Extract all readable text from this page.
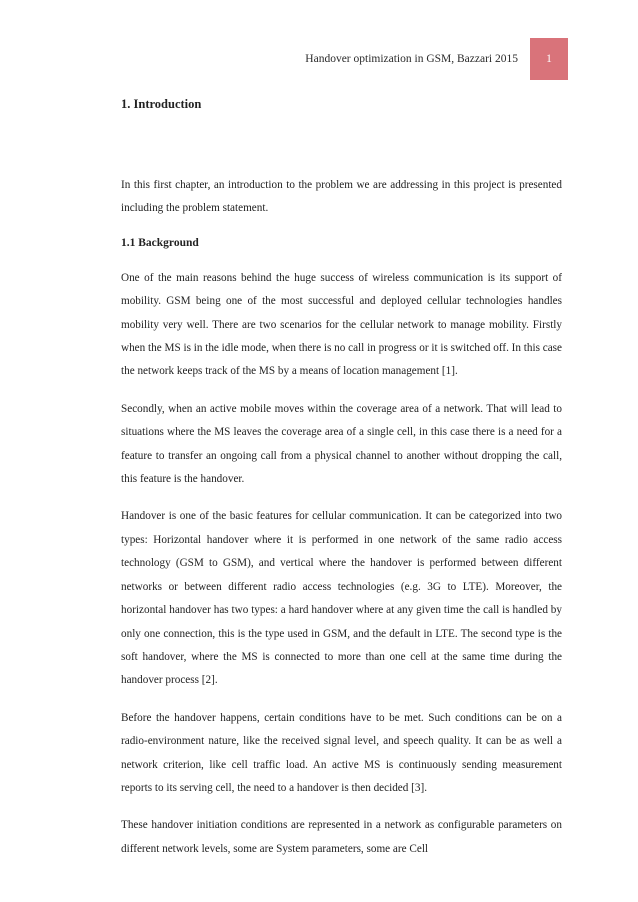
Handover optimization in GSM, Bazzari 2015	1
1. Introduction

In this first chapter, an introduction to the problem we are addressing in this project is presented including the problem statement.

1.1 Background

One of the main reasons behind the huge success of wireless communication is its support of mobility. GSM being one of the most successful and deployed cellular technologies handles mobility very well. There are two scenarios for the cellular network to manage mobility. Firstly when the MS is in the idle mode, when there is no call in progress or it is switched off. In this case the network keeps track of the MS by a means of location management [1].

Secondly, when an active mobile moves within the coverage area of a network. That will lead to situations where the MS leaves the coverage area of a single cell, in this case there is a need for a feature to transfer an ongoing call from a physical channel to another without dropping the call, this feature is the handover.

Handover is one of the basic features for cellular communication. It can be categorized into two types: Horizontal handover where it is performed in one network of the same radio access technology (GSM to GSM), and vertical where the handover is performed between different networks or between different radio access technologies (e.g. 3G to LTE). Moreover, the horizontal handover has two types: a hard handover where at any given time the call is handled by only one connection, this is the type used in GSM, and the default in LTE. The second type is the soft handover, where the MS is connected to more than one cell at the same time during the handover process [2].

Before the handover happens, certain conditions have to be met. Such conditions can be on a radio-environment nature, like the received signal level, and speech quality. It can be as well a network criterion, like cell traffic load. An active MS is continuously sending measurement reports to its serving cell, the need to a handover is then decided [3].

These handover initiation conditions are represented in a network as configurable parameters on different network levels, some are System parameters, some are Cell
